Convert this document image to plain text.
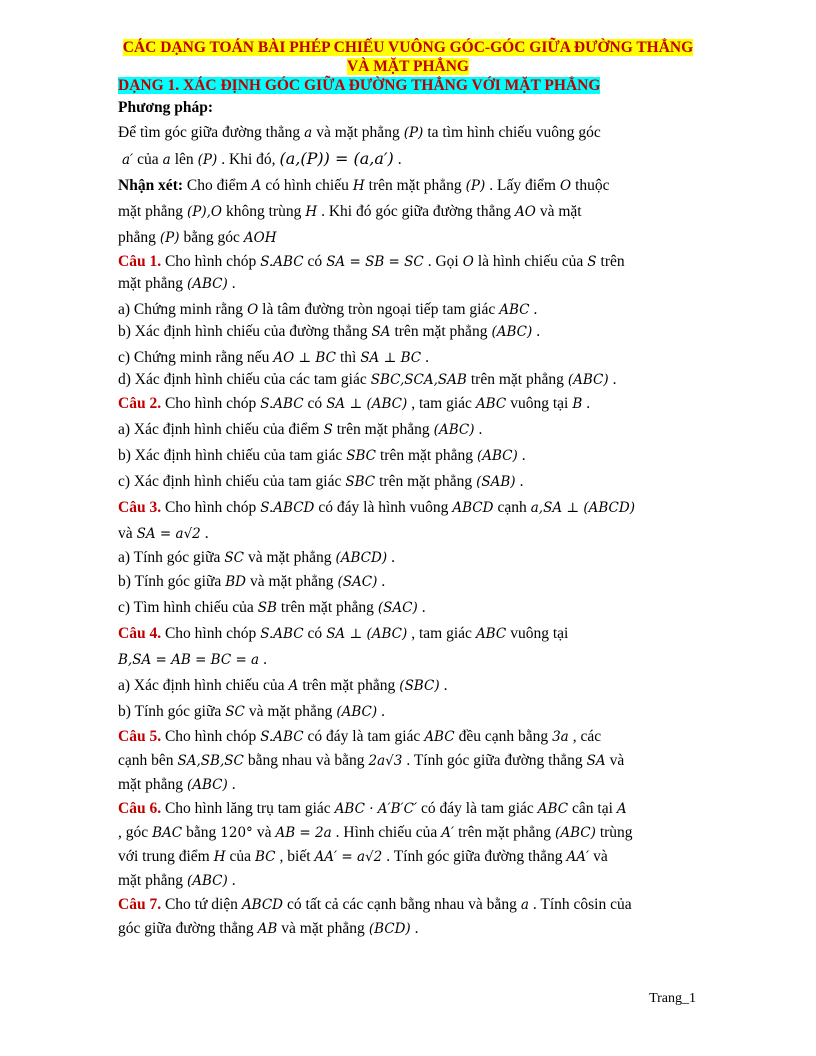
CÁC DẠNG TOÁN BÀI PHÉP CHIẾU VUÔNG GÓC-GÓC GIỮA ĐƯỜNG THẲNG VÀ MẶT PHẲNG
DẠNG 1. XÁC ĐỊNH GÓC GIỮA ĐƯỜNG THẲNG VỚI MẶT PHẲNG
Phương pháp:
Để tìm góc giữa đường thẳng a và mặt phẳng (P) ta tìm hình chiếu vuông góc
a′ của a lên (P) . Khi đó, (a,(P)) = (a,a′) .
Nhận xét: Cho điểm A có hình chiếu H trên mặt phẳng (P) . Lấy điểm O thuộc
mặt phẳng (P),O không trùng H . Khi đó góc giữa đường thẳng AO và mặt
phẳng (P) bằng góc AOH
Câu 1. Cho hình chóp S.ABC có SA = SB = SC . Gọi O là hình chiếu của S trên
mặt phẳng (ABC) .
a) Chứng minh rằng O là tâm đường tròn ngoại tiếp tam giác ABC .
b) Xác định hình chiếu của đường thẳng SA trên mặt phẳng (ABC) .
c) Chứng minh rằng nếu AO ⊥ BC thì SA ⊥ BC .
d) Xác định hình chiếu của các tam giác SBC,SCA,SAB trên mặt phẳng (ABC) .
Câu 2. Cho hình chóp S.ABC có SA ⊥ (ABC) , tam giác ABC vuông tại B .
a) Xác định hình chiếu của điểm S trên mặt phẳng (ABC) .
b) Xác định hình chiếu của tam giác SBC trên mặt phẳng (ABC) .
c) Xác định hình chiếu của tam giác SBC trên mặt phẳng (SAB) .
Câu 3. Cho hình chóp S.ABCD có đáy là hình vuông ABCD cạnh a,SA ⊥ (ABCD)
và SA = a√2 .
a) Tính góc giữa SC và mặt phẳng (ABCD) .
b) Tính góc giữa BD và mặt phẳng (SAC) .
c) Tìm hình chiếu của SB trên mặt phẳng (SAC) .
Câu 4. Cho hình chóp S.ABC có SA ⊥ (ABC) , tam giác ABC vuông tại
B,SA = AB = BC = a .
a) Xác định hình chiếu của A trên mặt phẳng (SBC) .
b) Tính góc giữa SC và mặt phẳng (ABC) .
Câu 5. Cho hình chóp S.ABC có đáy là tam giác ABC đều cạnh bằng 3a , các
cạnh bên SA,SB,SC bằng nhau và bằng 2a√3 . Tính góc giữa đường thẳng SA và
mặt phẳng (ABC) .
Câu 6. Cho hình lăng trụ tam giác ABC · A′B′C′ có đáy là tam giác ABC cân tại A
, góc BAC bằng 120° và AB = 2a . Hình chiếu của A′ trên mặt phẳng (ABC) trùng
với trung điểm H của BC , biết AA′ = a√2 . Tính góc giữa đường thẳng AA′ và
mặt phẳng (ABC) .
Câu 7. Cho tứ diện ABCD có tất cả các cạnh bằng nhau và bằng a . Tính côsin của
góc giữa đường thẳng AB và mặt phẳng (BCD) .
Trang_1
